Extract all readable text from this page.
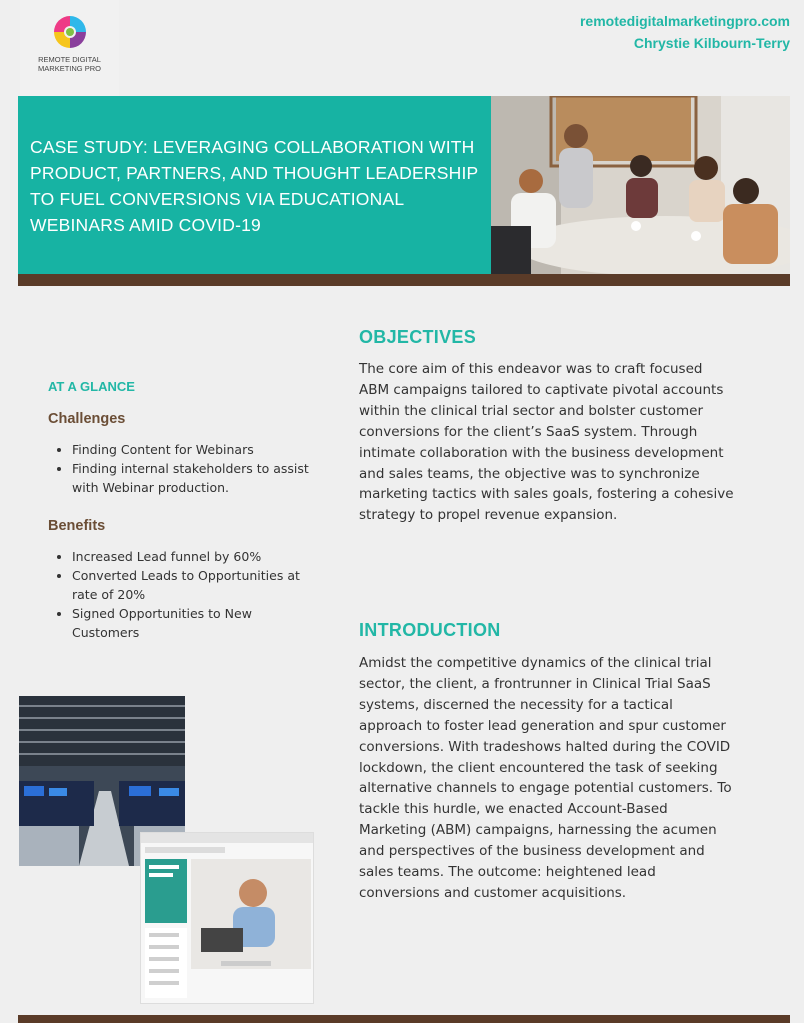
REMOTE DIGITAL MARKETING PRO
remotedigitalmarketingpro.com
Chrystie Kilbourn-Terry
CASE STUDY: LEVERAGING COLLABORATION WITH PRODUCT, PARTNERS, AND THOUGHT LEADERSHIP TO FUEL CONVERSIONS VIA EDUCATIONAL WEBINARS AMID COVID-19
AT A GLANCE
Challenges
• Finding Content for Webinars
• Finding internal stakeholders to assist with Webinar production.
Benefits
• Increased Lead funnel by 60%
• Converted Leads to Opportunities at rate of 20%
• Signed Opportunities to New Customers
OBJECTIVES

The core aim of this endeavor was to craft focused ABM campaigns tailored to captivate pivotal accounts within the clinical trial sector and bolster customer conversions for the client’s SaaS system. Through intimate collaboration with the business development and sales teams, the objective was to synchronize marketing tactics with sales goals, fostering a cohesive strategy to propel revenue expansion.

INTRODUCTION

Amidst the competitive dynamics of the clinical trial sector, the client, a frontrunner in Clinical Trial SaaS systems, discerned the necessity for a tactical approach to foster lead generation and spur customer conversions. With tradeshows halted during the COVID lockdown, the client encountered the task of seeking alternative channels to engage potential customers. To tackle this hurdle, we enacted Account-Based Marketing (ABM) campaigns, harnessing the acumen and perspectives of the business development and sales teams. The outcome: heightened lead conversions and customer acquisitions.
